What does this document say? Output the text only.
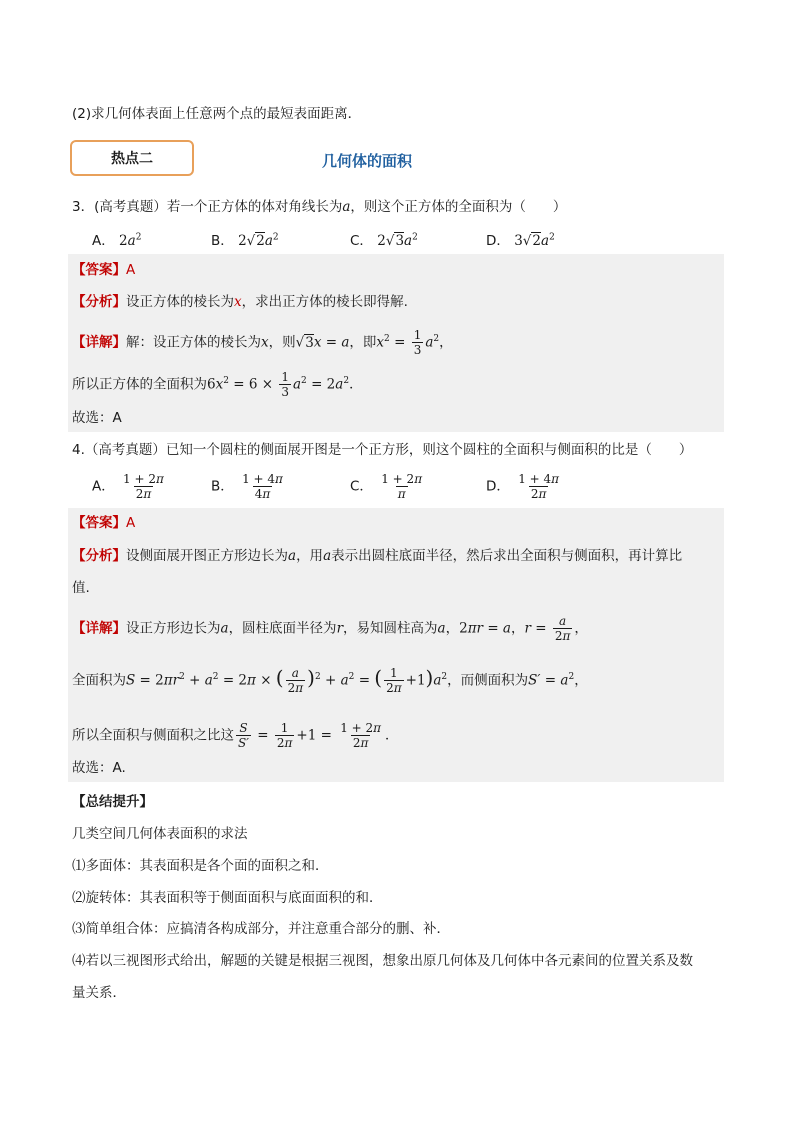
(2)求几何体表面上任意两个点的最短表面距离．
热点二	几何体的面积
3．(高考真题）若一个正方体的体对角线长为a，则这个正方体的全面积为（　　）
A． $2a^2$	B． $2√2a^2$	C． $2√3a^2$	D． $3√2a^2$
【答案】A
【分析】设正方体的棱长为x，求出正方体的棱长即得解.
【详解】解：设正方体的棱长为x，则√3x = a，即$x^2 = \frac{1}{3} a^2$，
所以正方体的全面积为$6x^2 = 6 \times \frac{1}{3} a^2 = 2a^2$．
故选：A
4.（高考真题）已知一个圆柱的侧面展开图是一个正方形，则这个圆柱的全面积与侧面积的比是（　　）
A． $\frac{1 + 2\pi}{2\pi}$	B． $\frac{1 + 4\pi}{4\pi}$	C． $\frac{1 + 2\pi}{\pi}$	D． $\frac{1 + 4\pi}{2\pi}$
【答案】A
【分析】设侧面展开图正方形边长为a，用a表示出圆柱底面半径，然后求出全面积与侧面积，再计算比
值.
【详解】设正方形边长为a，圆柱底面半径为r，易知圆柱高为a，2πr = a，$r = \frac{a}{2\pi}$ ，
全面积为$S = 2\pi r^2 + a^2 = 2\pi$ × ( $\frac{a}{2\pi} )^2 + a^2$ = ( $\frac{1}{2\pi} +1)a^2$，而侧面积为$S' = a^2$，
所以全面积与侧面积之比这 $\frac{S}{S'} = \frac{1}{2\pi} +1 = \frac{1 + 2\pi}{2\pi}$ ．
故选：A.
【总结提升】
几类空间几何体表面积的求法
⑴多面体：其表面积是各个面的面积之和．
⑵旋转体：其表面积等于侧面面积与底面面积的和．
⑶简单组合体：应搞清各构成部分，并注意重合部分的删、补．
⑷若以三视图形式给出，解题的关键是根据三视图，想象出原几何体及几何体中各元素间的位置关系及数
量关系．
